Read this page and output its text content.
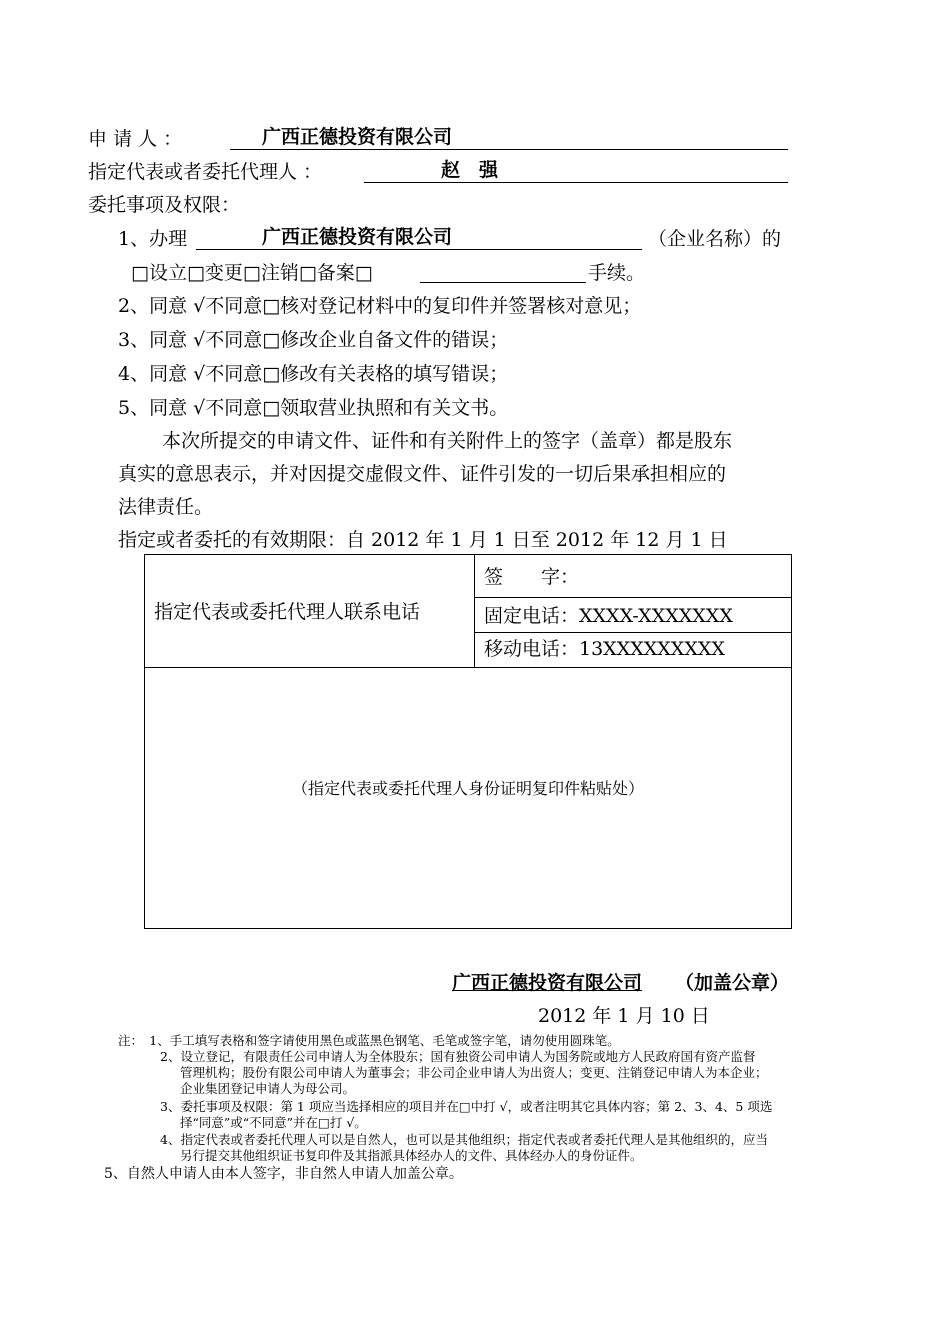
申 请 人 ：	广西正德投资有限公司
指定代表或者委托代理人 ：	赵　强
委托事项及权限：
1、办理	广西正德投资有限公司	（企业名称）的
□设立□变更□注销□备案□	手续。
2、同意 √不同意□核对登记材料中的复印件并签署核对意见；
3、同意 √不同意□修改企业自备文件的错误；
4、同意 √不同意□修改有关表格的填写错误；
5、同意 √不同意□领取营业执照和有关文书。
本次所提交的申请文件、证件和有关附件上的签字（盖章）都是股东
真实的意思表示，并对因提交虚假文件、证件引发的一切后果承担相应的
法律责任。
指定或者委托的有效期限：自 2012 年 1 月 1 日至 2012 年 12 月 1 日
指定代表或委托代理人联系电话
签　　字：
固定电话：XXXX-XXXXXXX
移动电话：13XXXXXXXXX
（指定代表或委托代理人身份证明复印件粘贴处）
广西正德投资有限公司 （加盖公章）
2012 年 1 月 10 日
注：　1、手工填写表格和签字请使用黑色或蓝黑色钢笔、毛笔或签字笔，请勿使用圆珠笔。
2、设立登记，有限责任公司申请人为全体股东；国有独资公司申请人为国务院或地方人民政府国有资产监督
管理机构；股份有限公司申请人为董事会；非公司企业申请人为出资人；变更、注销登记申请人为本企业；
企业集团登记申请人为母公司。
3、委托事项及权限：第 1 项应当选择相应的项目并在□中打 √，或者注明其它具体内容；第 2、3、4、5 项选
择“同意”或“不同意”并在□打 √。
4、指定代表或者委托代理人可以是自然人，也可以是其他组织；指定代表或者委托代理人是其他组织的，应当
另行提交其他组织证书复印件及其指派具体经办人的文件、具体经办人的身份证件。
5、自然人申请人由本人签字，非自然人申请人加盖公章。
